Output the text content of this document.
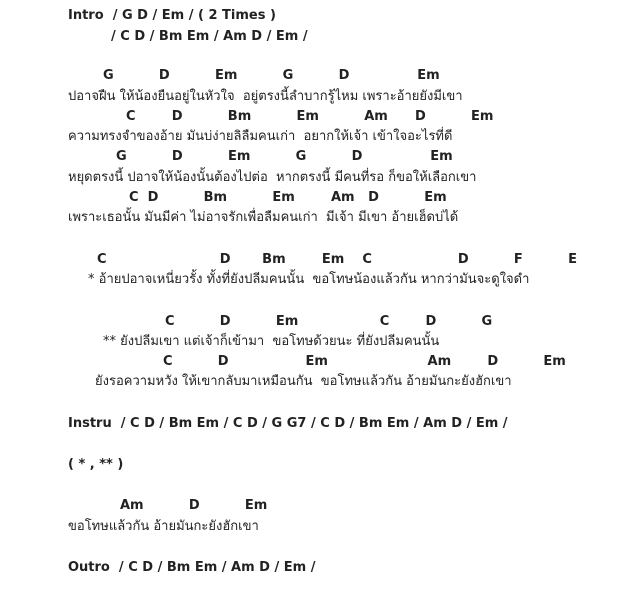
Intro  / G D / Em / ( 2 Times )

/ C D / Bm Em / Am D / Em /

G          D          Em          G          D               Em

ปอาจฝืน ให้น้องยืนอยู่ในหัวใจ  อยู่ตรงนี้ลำบากรู้ไหม เพราะอ้ายยังมีเขา

C        D          Bm          Em          Am      D          Em

ความทรงจำของอ้าย มันบ่ง่ายลิลืมคนเก่า  อยากให้เจ้า เข้าใจอะไรที่ดี

G          D          Em          G          D               Em

หยุดตรงนี้ ปอาจให้น้องนั้นต้องไปต่อ  หากตรงนี้ มีคนที่รอ ก็ขอให้เลือกเขา

C  D          Bm          Em        Am   D          Em

เพราะเธอนั้น มันมีค่า ไม่อาจรักเพื่อลืมคนเก่า  มีเจ้า มีเขา อ้ายเฮ็ดบ่ได้

C                         D       Bm        Em    C                   D          F          E

* อ้ายปอาจเหนี่ยวรั้ง ทั้งที่ยังปลีมคนนั้น  ขอโทษน้องแล้วกัน หากว่ามันจะดูใจดำ

C          D          Em                  C        D          G

** ยังปลีมเขา แต่เจ้าก็เข้ามา  ขอโทษด้วยนะ ที่ยังปลีมคนนั้น

C          D                 Em                      Am        D          Em

ยังรอความหวัง ให้เขากลับมาเหมือนกัน  ขอโทษแล้วกัน อ้ายมันกะยังฮักเขา

Instru  / C D / Bm Em / C D / G G7 / C D / Bm Em / Am D / Em /

( * , ** )

Am          D          Em

ขอโทษแล้วกัน อ้ายมันกะยังฮักเขา

Outro  / C D / Bm Em / Am D / Em /
